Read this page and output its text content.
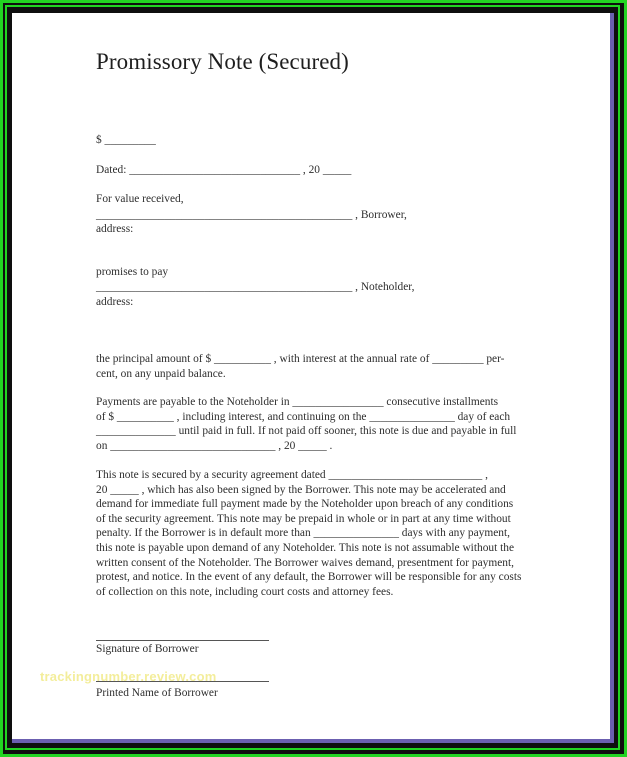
Promissory Note (Secured)
$ _________
Dated: ______________________________ , 20 _____
For value received,
_____________________________________________ , Borrower,
address:
promises to pay
_____________________________________________ , Noteholder,
address:
the principal amount of $ __________ , with interest at the annual rate of _________ per-
cent, on any unpaid balance.
Payments are payable to the Noteholder in ________________ consecutive installments
of $ __________ , including interest, and continuing on the _______________ day of each
______________ until paid in full. If not paid off sooner, this note is due and payable in full
on _____________________________ , 20 _____ .
This note is secured by a security agreement dated ___________________________ ,
20 _____ , which has also been signed by the Borrower. This note may be accelerated and
demand for immediate full payment made by the Noteholder upon breach of any conditions
of the security agreement. This note may be prepaid in whole or in part at any time without
penalty. If the Borrower is in default more than _______________ days with any payment,
this note is payable upon demand of any Noteholder. This note is not assumable without the
written consent of the Noteholder. The Borrower waives demand, presentment for payment,
protest, and notice. In the event of any default, the Borrower will be responsible for any costs
of collection on this note, including court costs and attorney fees.
Signature of Borrower
Printed Name of Borrower
trackingnumber.review.com
